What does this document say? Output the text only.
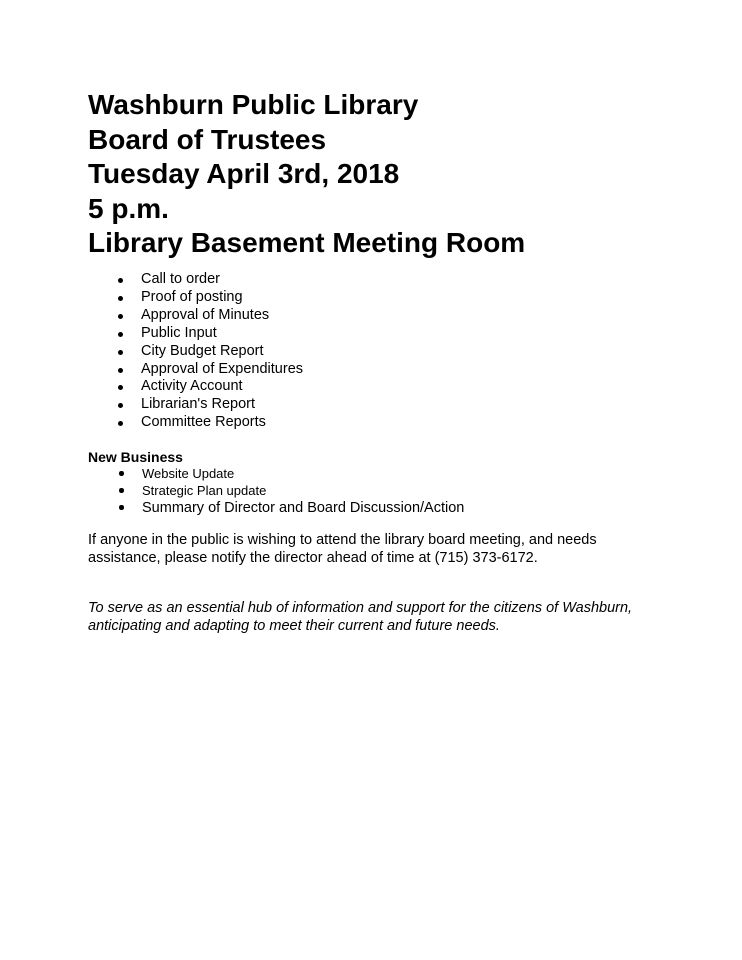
Washburn Public Library
Board of Trustees
Tuesday April 3rd, 2018
5 p.m.
Library Basement Meeting Room
Call to order
Proof of posting
Approval of Minutes
Public Input
City Budget Report
Approval of Expenditures
Activity Account
Librarian's Report
Committee Reports

New Business

Website Update
Strategic Plan update
Summary of Director and Board Discussion/Action

If anyone in the public is wishing to attend the library board meeting, and needs assistance, please notify the director ahead of time at (715) 373-6172.

To serve as an essential hub of information and support for the citizens of Washburn, anticipating and adapting to meet their current and future needs.
